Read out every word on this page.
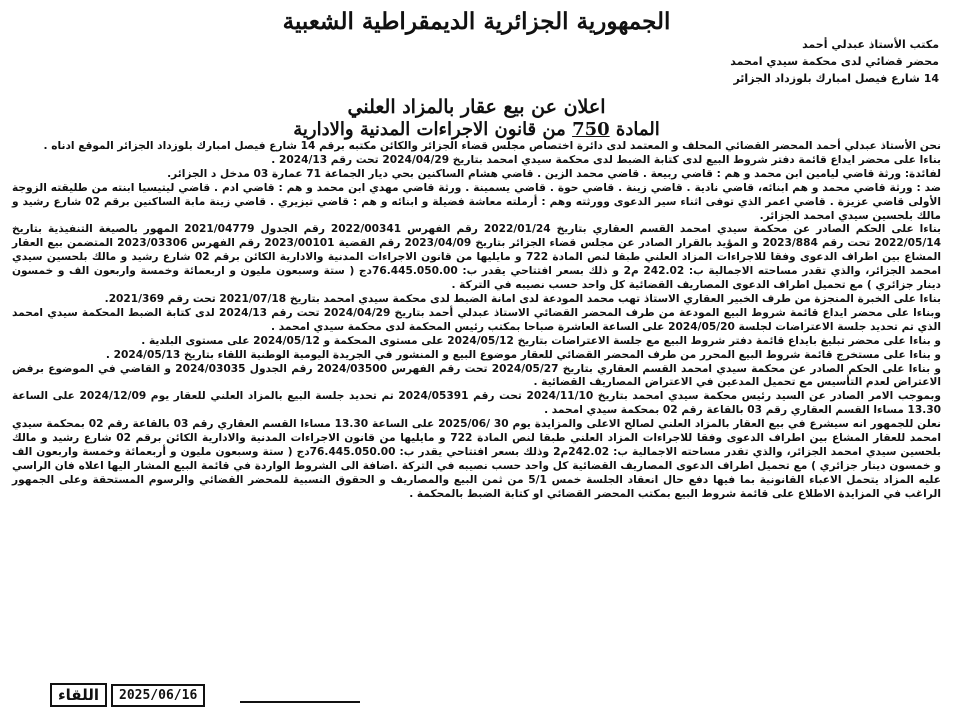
الجمهورية الجزائرية الديمقراطية الشعبية
مكتب الأستاذ عبدلي أحمد
محضر قضائي لدى محكمة سيدي امحمد
14 شارع فيصل امبارك بلوزداد الجزائر
اعلان عن بيع عقار بالمزاد العلني
المادة 750 من قانون الاجراءات المدنية والادارية

نحن الأستاذ عبدلي أحمد المحضر القضائي المحلف و المعتمد لدى دائرة اختصاص مجلس قضاء الجزائر والكائن مكتبه برقم 14 شارع فيصل امبارك بلوزداد الجزائر الموقع ادناه .

بناءا على محضر ايداع قائمة دفتر شروط البيع لدى كتابة الضبط لدى محكمة سيدي امحمد بتاريخ 2024/04/29 تحت رقم 2024/13 .

لفائدة: ورثة قاضي ليامين ابن محمد و هم : قاضي ربيعة . قاضي محمد الزين . قاضي هشام الساكنين بحي ديار الجماعة 71 عمارة 03 مدخل د الجزائر.

ضد : ورثة قاضي محمد و هم ابنائه، قاضي نادية . قاضي زينة . قاضي حوة . قاضي يسمينة . ورثة قاضي مهدي ابن محمد و هم : قاضي ادم . قاضي ليتيسيا ابنته من طليقته الزوجة الأولى قاضي عزيزة . قاضي اعمر الذي توفى اثناء سير الدعوى وورثته وهم : أرملته معاشة فضيلة و ابنائه و هم : قاضي تيزيري . قاضي زينة مابة الساكنين برقم 02 شارع رشيد و مالك بلحسين سيدي امحمد الجزائر.

بناءا على الحكم الصادر عن محكمة سيدي امحمد القسم العقاري بتاريخ 2022/01/24 رقم الفهرس 2022/00341 رقم الجدول 2021/04779 المهور بالصيغة التنفيذية بتاريخ 2022/05/14 تحت رقم 2023/884 و المؤيد بالقرار الصادر عن مجلس قضاء الجزائر بتاريخ 2023/04/09 رقم القضية 2023/00101 رقم الفهرس 2023/03306 المتضمن بيع العقار المشاع بين اطراف الدعوى وفقا للاجراءات المزاد العلني طبقا لنص المادة 722 و مايليها من قانون الاجراءات المدنية والادارية الكائن برقم 02 شارع رشيد و مالك بلحسين سيدي امحمد الجزائر، والذي تقدر مساحته الاجمالية ب: 242.02 م2 و ذلك بسعر افتتاحي يقدر ب: 76.445.050.00دج ( ستة وسبعون مليون و اربعمائة وخمسة واربعون الف و خمسون دينار جزائري ) مع تحميل اطراف الدعوى المصاريف القضائية كل واحد حسب نصيبه في التركة .

بناءا على الخبرة المنجزة من طرف الخبير العقاري الاستاذ تهب محمد المودعة لدى امانة الضبط لدى محكمة سيدي امحمد بتاريخ 2021/07/18 تحت رقم 2021/369.

وبناءا على محضر ايداع قائمة شروط البيع المودعة من طرف المحضر القضائي الاستاذ عبدلي أحمد بتاريخ 2024/04/29 تحت رقم 2024/13 لدى كتابة الضبط المحكمة سيدي امحمد الذي تم تحديد جلسة الاعتراضات لجلسة 2024/05/20 على الساعة العاشرة صباحا بمكتب رئيس المحكمة لدى محكمة سيدي امحمد .

و بناءا على محضر تبليغ بايداع قائمة دفتر شروط البيع مع جلسة الاعتراضات بتاريخ 2024/05/12 على مستوى المحكمة و 2024/05/12 على مستوى البلدية .

و بناءا على مستخرج قائمة شروط البيع المحرر من طرف المحضر القضائي للعقار موضوع البيع و المنشور في الجريدة اليومية الوطنية اللقاء بتاريخ 2024/05/13 .

و بناءا على الحكم الصادر عن محكمة سيدي امحمد القسم العقاري بتاريخ 2024/05/27 تحت رقم الفهرس 2024/03500 رقم الجدول 2024/03035 و القاضي في الموضوع برفض الاعتراض لعدم التأسيس مع تحميل المدعين في الاعتراض المصاريف القضائية .

وبموجب الامر الصادر عن السيد رئيس محكمة سيدي امحمد بتاريخ 2024/11/10 تحت رقم 2024/05391 تم تحديد جلسة البيع بالمزاد العلني للعقار يوم 2024/12/09 على الساعة 13.30 مساءا القسم العقاري رقم 03 بالقاعة رقم 02 بمحكمة سيدي امحمد .

نعلن للجمهور انه سيشرع في بيع العقار بالمزاد العلني لصالح الاعلى والمزايدة يوم 30 /2025/06 على الساعة 13.30 مساءا القسم العقاري رقم 03 بالقاعة رقم 02 بمحكمة سيدي امحمد للعقار المشاع بين اطراف الدعوى وفقا للاجراءات المزاد العلني طبقا لنص المادة 722 و مايليها من قانون الاجراءات المدنية والادارية الكائن برقم 02 شارع رشيد و مالك بلحسين سيدي امحمد الجزائر، والذي تقدر مساحته الاجمالية ب: 242.02م2 وذلك بسعر افتتاحي يقدر ب: 76.445.050.00دج ( ستة وسبعون مليون و أربعمائة وخمسة واربعون الف و خمسون دينار جزائري ) مع تحميل اطراف الدعوى المصاريف القضائية كل واحد حسب نصيبه في التركة .اضافة الى الشروط الواردة في قائمة البيع المشار اليها اعلاه فان الراسي عليه المزاد يتحمل الاعباء القانونية بما فيها دفع حال انعقاد الجلسة خمس 5/1 من ثمن البيع والمصاريف و الحقوق النسبية للمحضر القضائي والرسوم المستحقة وعلى الجمهور الراغب في المزايدة الاطلاع على قائمة شروط البيع بمكتب المحضر القضائي او كتابة الضبط بالمحكمة .

اللقاء	2025/06/16
